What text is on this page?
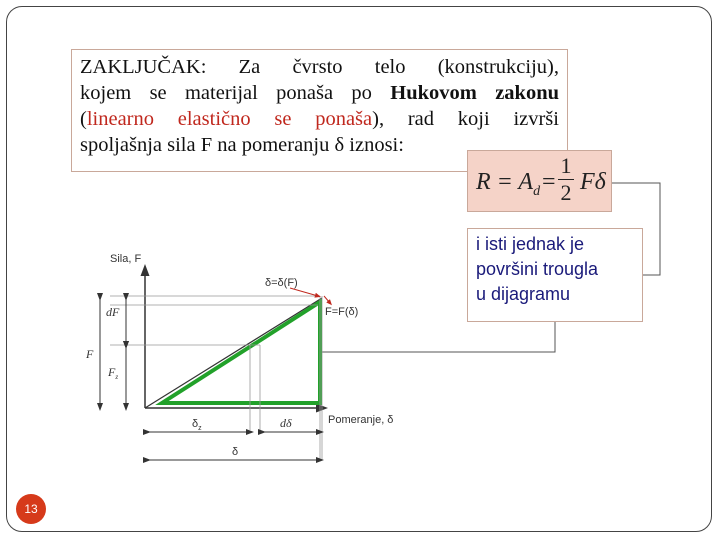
ZAKLJUČAK: Za čvrsto telo (konstrukciju),
kojem se materijal ponaša po Hukovom zakonu
(linearno elastično se ponaša), rad koji izvrši
spoljašnja sila F na pomeranju δ iznosi:
$R = A_d$ =
1
2 Fδ
i isti jednak je
površini trougla
u dijagramu
Sila, F
Pomeranje, δ
δ=δ(F)
F=F(δ)
dF
F
$F_z$
$\delta_z$	dδ
δ
13
